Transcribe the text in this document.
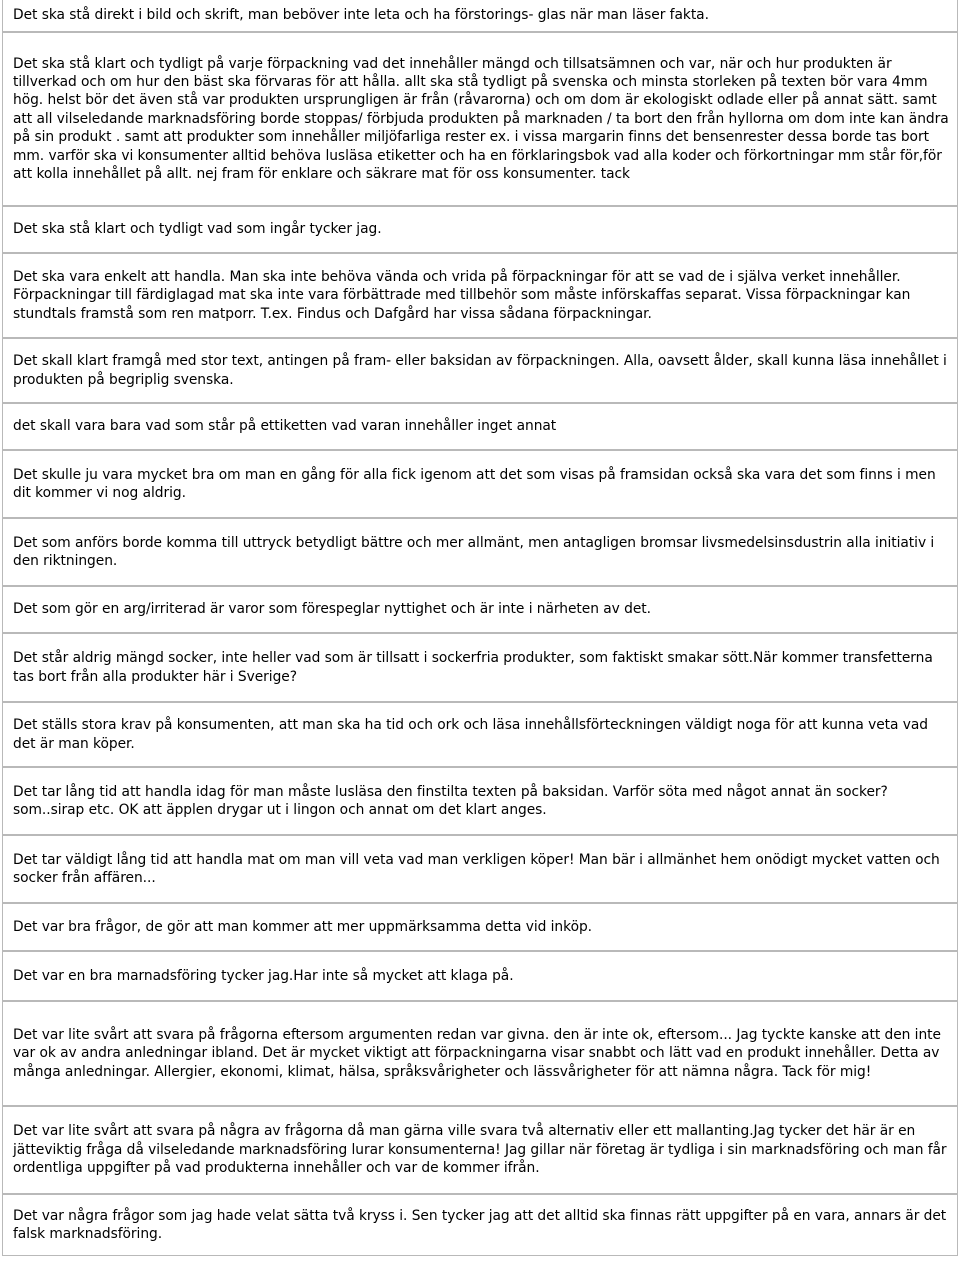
Det ska stå direkt i bild och skrift, man beböver inte leta och ha förstorings- glas när man läser fakta.

Det ska stå klart och tydligt på varje förpackning vad det innehåller mängd och tillsatsämnen och var, när och hur produkten är tillverkad och om hur den bäst ska förvaras för att hålla. allt ska stå tydligt på svenska och minsta storleken på texten bör vara 4mm hög. helst bör det även stå var produkten ursprungligen är från (råvarorna) och om dom är ekologiskt odlade eller på annat sätt. samt att all vilseledande marknadsföring borde stoppas/ förbjuda produkten på marknaden / ta bort den från hyllorna om dom inte kan ändra på sin produkt . samt att produkter som innehåller miljöfarliga rester ex. i vissa margarin finns det bensenrester dessa borde tas bort mm. varför ska vi konsumenter alltid behöva lusläsa etiketter och ha en förklaringsbok vad alla koder och förkortningar mm står för,för att kolla innehållet på allt. nej fram för enklare och säkrare mat för oss konsumenter. tack

Det ska stå klart och tydligt vad som ingår tycker jag.

Det ska vara enkelt att handla. Man ska inte behöva vända och vrida på förpackningar för att se vad de i själva verket innehåller. Förpackningar till färdiglagad mat ska inte vara förbättrade med tillbehör som måste införskaffas separat. Vissa förpackningar kan stundtals framstå som ren matporr. T.ex. Findus och Dafgård har vissa sådana förpackningar.

Det skall klart framgå med stor text, antingen på fram- eller baksidan av förpackningen. Alla, oavsett ålder, skall kunna läsa innehållet i produkten på begriplig svenska.

det skall vara bara vad som står på ettiketten vad varan innehåller inget annat

Det skulle ju vara mycket bra om man en gång för alla fick igenom att det som visas på framsidan också ska vara det som finns i men dit kommer vi nog aldrig.

Det som anförs borde komma till uttryck betydligt bättre och mer allmänt, men antagligen bromsar livsmedelsinsdustrin alla initiativ i den riktningen.

Det som gör en arg/irriterad är varor som förespeglar nyttighet och är inte i närheten av det.

Det står aldrig mängd socker, inte heller vad som är tillsatt i sockerfria produkter, som faktiskt smakar sött.När kommer transfetterna tas bort från alla produkter här i Sverige?

Det ställs stora krav på konsumenten, att man ska ha tid och ork och läsa innehållsförteckningen väldigt noga för att kunna veta vad det är man köper.

Det tar lång tid att handla idag för man måste lusläsa den finstilta texten på baksidan. Varför söta med något annat än socker? som..sirap etc. OK att äpplen drygar ut i lingon och annat om det klart anges.

Det tar väldigt lång tid att handla mat om man vill veta vad man verkligen köper! Man bär i allmänhet hem onödigt mycket vatten och socker från affären...

Det var bra frågor, de gör att man kommer att mer uppmärksamma detta vid inköp.

Det var en bra marnadsföring tycker jag.Har inte så mycket att klaga på.

Det var lite svårt att svara på frågorna eftersom argumenten redan var givna. den är inte ok, eftersom... Jag tyckte kanske att den inte var ok av andra anledningar ibland. Det är mycket viktigt att förpackningarna visar snabbt och lätt vad en produkt innehåller. Detta av många anledningar. Allergier, ekonomi, klimat, hälsa, språksvårigheter och lässvårigheter för att nämna några. Tack för mig!

Det var lite svårt att svara på några av frågorna då man gärna ville svara två alternativ eller ett mallanting.Jag tycker det här är en jätteviktig fråga då vilseledande marknadsföring lurar konsumenterna! Jag gillar när företag är tydliga i sin marknadsföring och man får ordentliga uppgifter på vad produkterna innehåller och var de kommer ifrån.

Det var några frågor som jag hade velat sätta två kryss i. Sen tycker jag att det alltid ska finnas rätt uppgifter på en vara, annars är det falsk marknadsföring.
